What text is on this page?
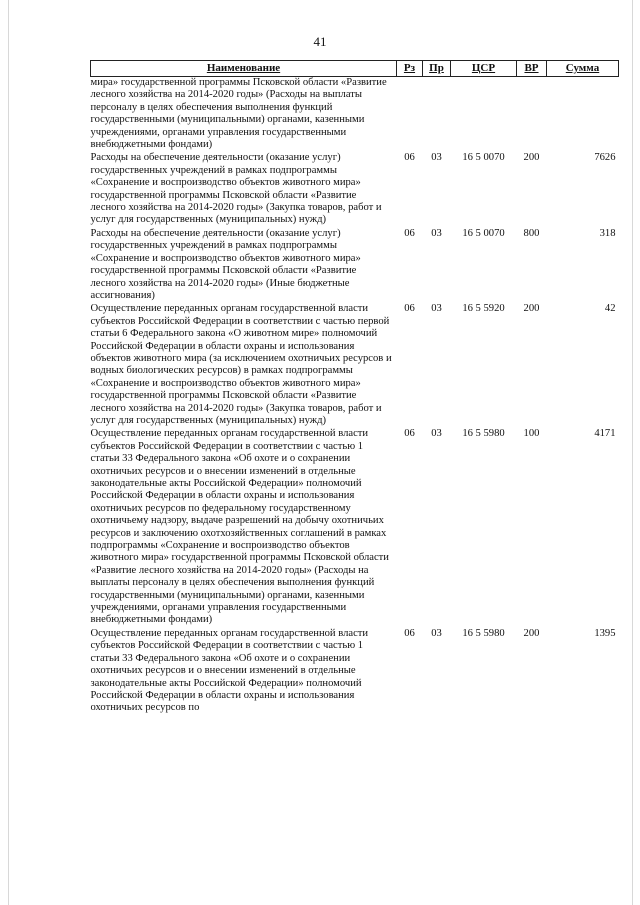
41
Наименование	Рз	Пр	ЦСР	ВР	Сумма
мира» государственной программы Псковской области «Развитие лесного хозяйства на 2014-2020 годы» (Расходы на выплаты персоналу в целях обеспечения выполнения функций государственными (муниципальными) органами, казенными учреждениями, органами управления государственными внебюджетными фондами)					
Расходы на обеспечение деятельности (оказание услуг) государственных учреждений в рамках подпрограммы «Сохранение и воспроизводство объектов животного мира» государственной программы Псковской области «Развитие лесного хозяйства на 2014-2020 годы» (Закупка товаров, работ и услуг для государственных (муниципальных) нужд)	06	03	16 5 0070	200	7626
Расходы на обеспечение деятельности (оказание услуг) государственных учреждений в рамках подпрограммы «Сохранение и воспроизводство объектов животного мира» государственной программы Псковской области «Развитие лесного хозяйства на 2014-2020 годы» (Иные бюджетные ассигнования)	06	03	16 5 0070	800	318
Осуществление переданных органам государственной власти субъектов Российской Федерации в соответствии с частью первой статьи 6 Федерального закона «О животном мире» полномочий Российской Федерации в области охраны и использования объектов животного мира (за исключением охотничьих ресурсов и водных биологических ресурсов) в рамках подпрограммы «Сохранение и воспроизводство объектов животного мира» государственной программы Псковской области «Развитие лесного хозяйства на 2014-2020 годы» (Закупка товаров, работ и услуг для государственных (муниципальных) нужд)	06	03	16 5 5920	200	42
Осуществление переданных органам государственной власти субъектов Российской Федерации в соответствии с частью 1 статьи 33 Федерального закона «Об охоте и о сохранении охотничьих ресурсов и о внесении изменений в отдельные законодательные акты Российской Федерации» полномочий Российской Федерации в области охраны и использования охотничьих ресурсов по федеральному государственному охотничьему надзору, выдаче разрешений на добычу охотничьих ресурсов и заключению охотхозяйственных соглашений в рамках подпрограммы «Сохранение и воспроизводство объектов животного мира» государственной программы Псковской области «Развитие лесного хозяйства на 2014-2020 годы» (Расходы на выплаты персоналу в целях обеспечения выполнения функций государственными (муниципальными) органами, казенными учреждениями, органами управления государственными внебюджетными фондами)	06	03	16 5 5980	100	4171
Осуществление переданных органам государственной власти субъектов Российской Федерации в соответствии с частью 1 статьи 33 Федерального закона «Об охоте и о сохранении охотничьих ресурсов и о внесении изменений в отдельные законодательные акты Российской Федерации» полномочий Российской Федерации в области охраны и использования охотничьих ресурсов по	06	03	16 5 5980	200	1395
